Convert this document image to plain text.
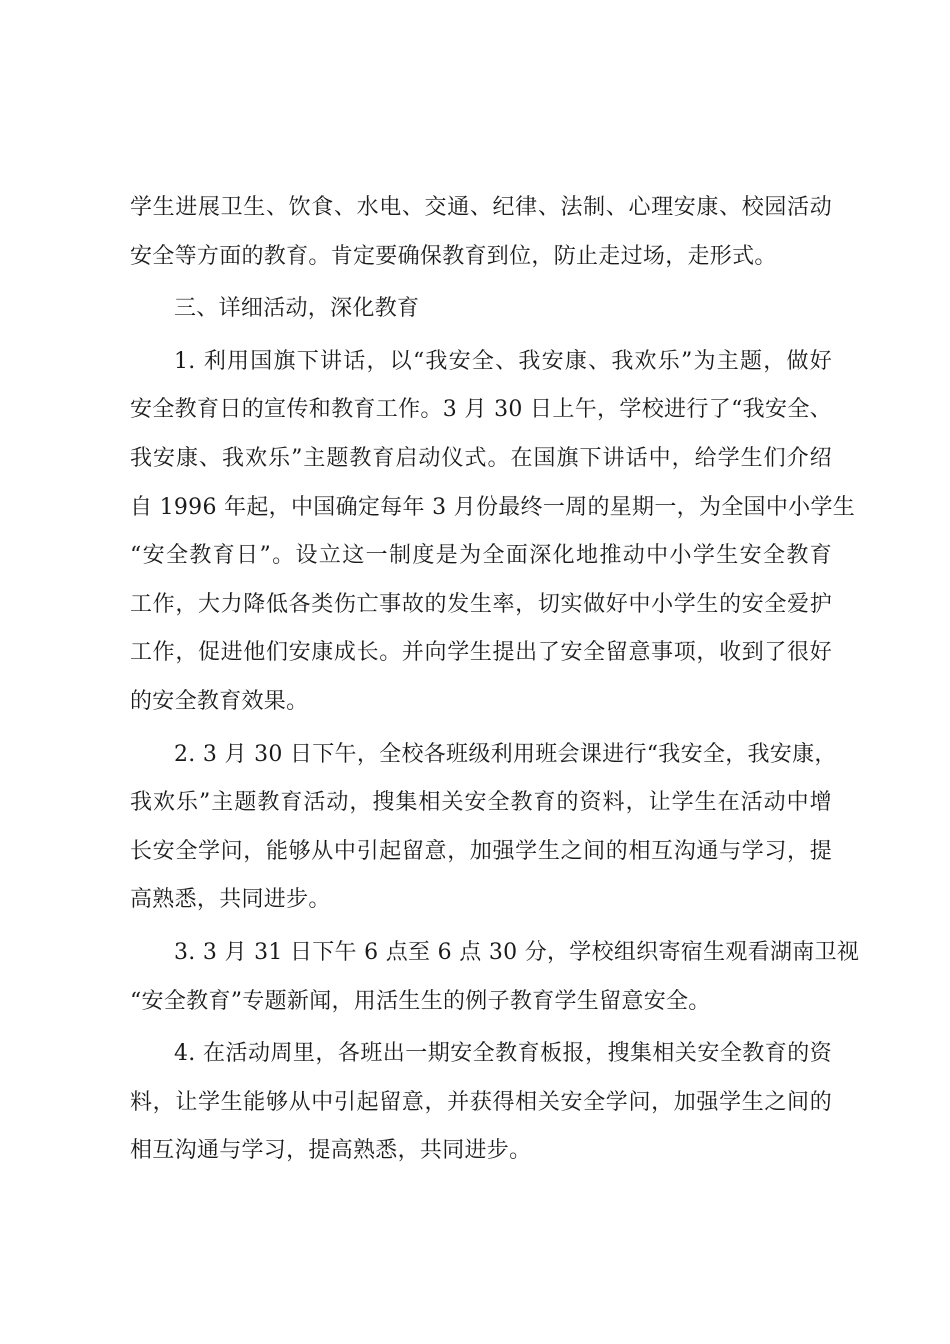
学生进展卫生、饮食、水电、交通、纪律、法制、心理安康、校园活动
安全等方面的教育。肯定要确保教育到位，防止走过场，走形式。
三、详细活动，深化教育
1. 利用国旗下讲话，以“我安全、我安康、我欢乐”为主题，做好
安全教育日的宣传和教育工作。3 月 30 日上午，学校进行了“我安全、
我安康、我欢乐”主题教育启动仪式。在国旗下讲话中，给学生们介绍
自 1996 年起，中国确定每年 3 月份最终一周的星期一，为全国中小学生
“安全教育日”。设立这一制度是为全面深化地推动中小学生安全教育
工作，大力降低各类伤亡事故的发生率，切实做好中小学生的安全爱护
工作，促进他们安康成长。并向学生提出了安全留意事项，收到了很好
的安全教育效果。
2. 3 月 30 日下午，全校各班级利用班会课进行“我安全，我安康，
我欢乐”主题教育活动，搜集相关安全教育的资料，让学生在活动中增
长安全学问，能够从中引起留意，加强学生之间的相互沟通与学习，提
高熟悉，共同进步。
3. 3 月 31 日下午 6 点至 6 点 30 分，学校组织寄宿生观看湖南卫视
“安全教育”专题新闻，用活生生的例子教育学生留意安全。
4. 在活动周里，各班出一期安全教育板报，搜集相关安全教育的资
料，让学生能够从中引起留意，并获得相关安全学问，加强学生之间的
相互沟通与学习，提高熟悉，共同进步。
